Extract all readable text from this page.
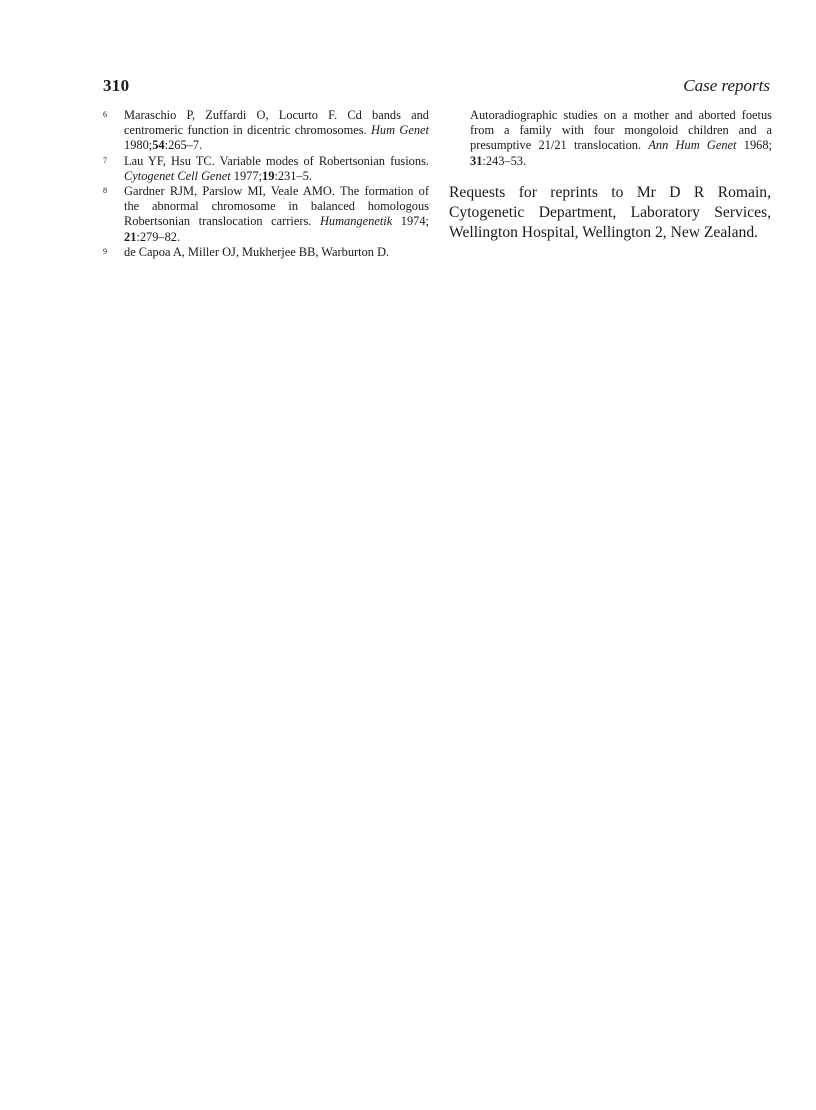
310	Case reports
6 Maraschio P, Zuffardi O, Locurto F. Cd bands and centromeric function in dicentric chromosomes. Hum Genet 1980;54:265–7.
7 Lau YF, Hsu TC. Variable modes of Robertsonian fusions. Cytogenet Cell Genet 1977;19:231–5.
8 Gardner RJM, Parslow MI, Veale AMO. The formation of the abnormal chromosome in balanced homologous Robertsonian translocation carriers. Humangenetik 1974; 21:279–82.
9 de Capoa A, Miller OJ, Mukherjee BB, Warburton D.
Autoradiographic studies on a mother and aborted foetus from a family with four mongoloid children and a presumptive 21/21 translocation. Ann Hum Genet 1968; 31:243–53.
Requests for reprints to Mr D R Romain, Cytogenetic Department, Laboratory Services, Wellington Hospital, Wellington 2, New Zealand.
